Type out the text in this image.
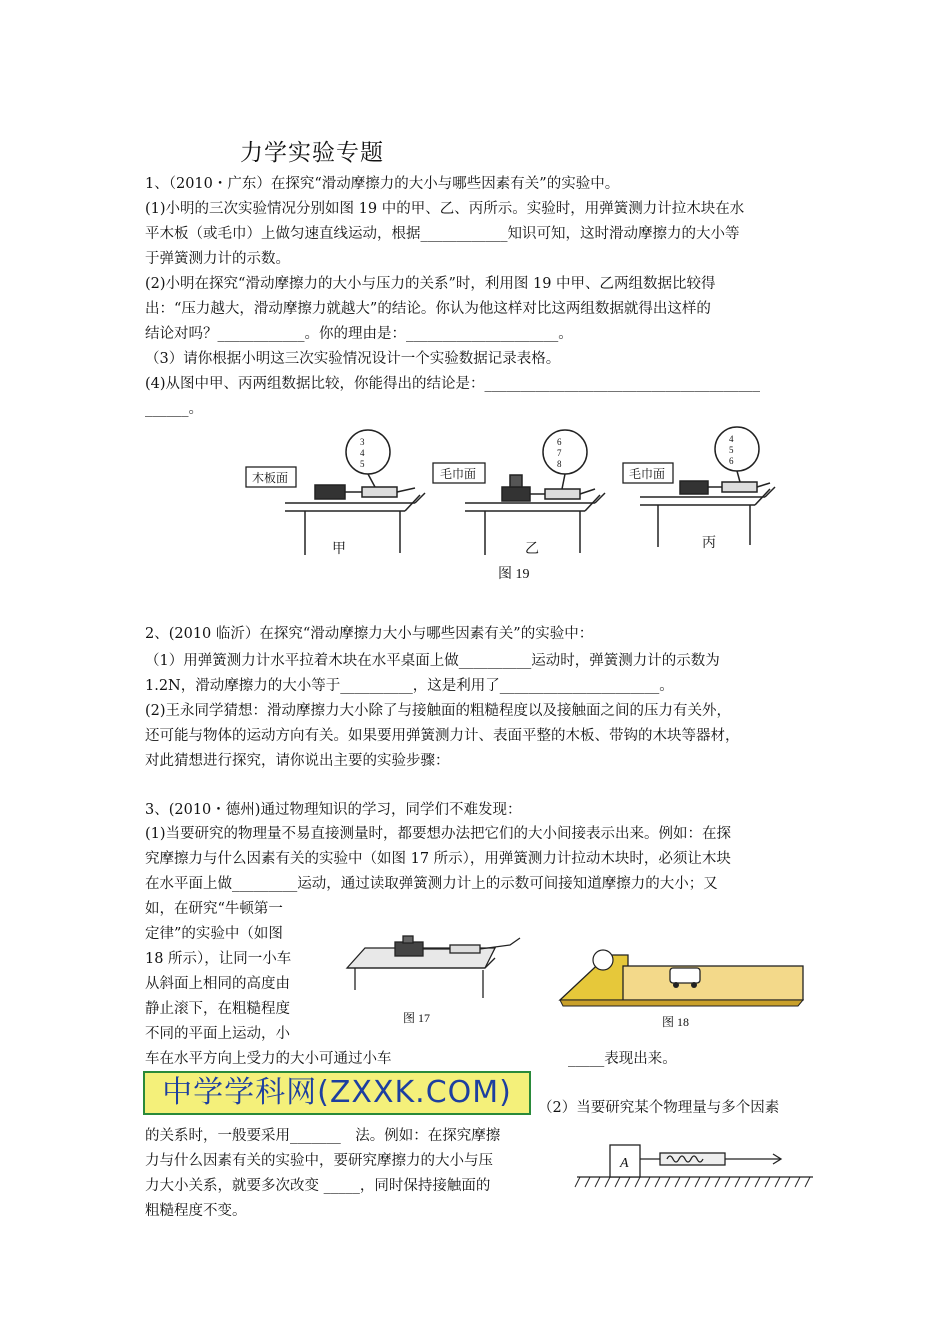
力学实验专题
1、（2010・广东）在探究“滑动摩擦力的大小与哪些因素有关”的实验中。
(1)小明的三次实验情况分别如图 19 中的甲、乙、丙所示。实验时，用弹簧测力计拉木块在水
平木板（或毛巾）上做匀速直线运动，根据____________知识可知，这时滑动摩擦力的大小等
于弹簧测力计的示数。
(2)小明在探究“滑动摩擦力的大小与压力的关系”时，利用图 19 中甲、乙两组数据比较得
出：“压力越大，滑动摩擦力就越大”的结论。你认为他这样对比这两组数据就得出这样的
结论对吗？____________。你的理由是：_____________________。
（3）请你根据小明这三次实验情况设计一个实验数据记录表格。
(4)从图中甲、丙两组数据比较，你能得出的结论是：______________________________________
______。
木板面	毛巾面	毛巾面
3
4
5
6
7
8
4
5
6
甲	乙	丙
图 19
2、(2010 临沂）在探究“滑动摩擦力大小与哪些因素有关”的实验中：
（1）用弹簧测力计水平拉着木块在水平桌面上做__________运动时，弹簧测力计的示数为
1.2N，滑动摩擦力的大小等于__________，这是利用了______________________。
(2)王永同学猜想：滑动摩擦力大小除了与接触面的粗糙程度以及接触面之间的压力有关外，
还可能与物体的运动方向有关。如果要用弹簧测力计、表面平整的木板、带钩的木块等器材，
对此猜想进行探究，请你说出主要的实验步骤：
3、(2010・德州)通过物理知识的学习，同学们不难发现：
(1)当要研究的物理量不易直接测量时，都要想办法把它们的大小间接表示出来。例如：在探
究摩擦力与什么因素有关的实验中（如图 17 所示），用弹簧测力计拉动木块时，必须让木块
在水平面上做_________运动，通过读取弹簧测力计上的示数可间接知道摩擦力的大小；又
如，在研究“牛顿第一
定律”的实验中（如图
18 所示），让同一小车
从斜面上相同的高度由
静止滚下，在粗糙程度
不同的平面上运动，小
车在水平方向上受力的大小可通过小车	_____表现出来。
图 17	图 18
中学学科网(ZXXK.COM)	（2）当要研究某个物理量与多个因素
的关系时，一般要采用_______　法。例如：在探究摩擦
力与什么因素有关的实验中，要研究摩擦力的大小与压
力大小关系，就要多次改变 _____，同时保持接触面的
粗糙程度不变。
A
